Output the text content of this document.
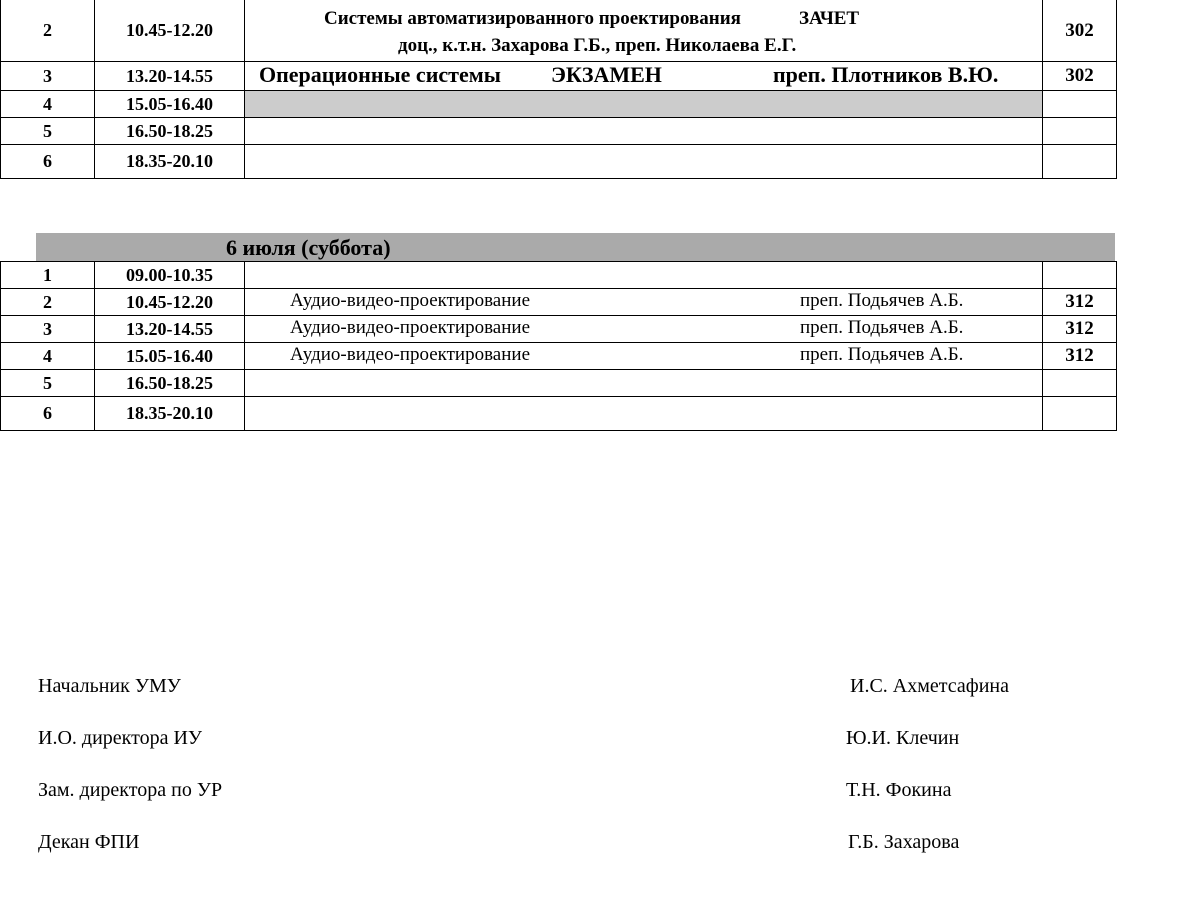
2	10.45-12.20	Системы автоматизированного проектирования ЗАЧЕТ
доц., к.т.н. Захарова Г.Б., преп. Николаева Е.Г.	302
3	13.20-14.55	Операционные системы ЭКЗАМЕН преп. Плотников В.Ю.	302
4	15.05-16.40		
5	16.50-18.25		
6	18.35-20.10		
6 июля (суббота)
1	09.00-10.35	

2	10.45-12.20	Аудио-видео-проектирование преп. Подьячев А.Б.	312
3	13.20-14.55	Аудио-видео-проектирование преп. Подьячев А.Б.	312
4	15.05-16.40	Аудио-видео-проектирование преп. Подьячев А.Б.	312
5	16.50-18.25	

6	18.35-20.10	

Начальник УМУ	И.С. Ахметсафина
И.О. директора ИУ	Ю.И. Клечин
Зам. директора по УР	Т.Н. Фокина
Декан ФПИ	Г.Б. Захарова
